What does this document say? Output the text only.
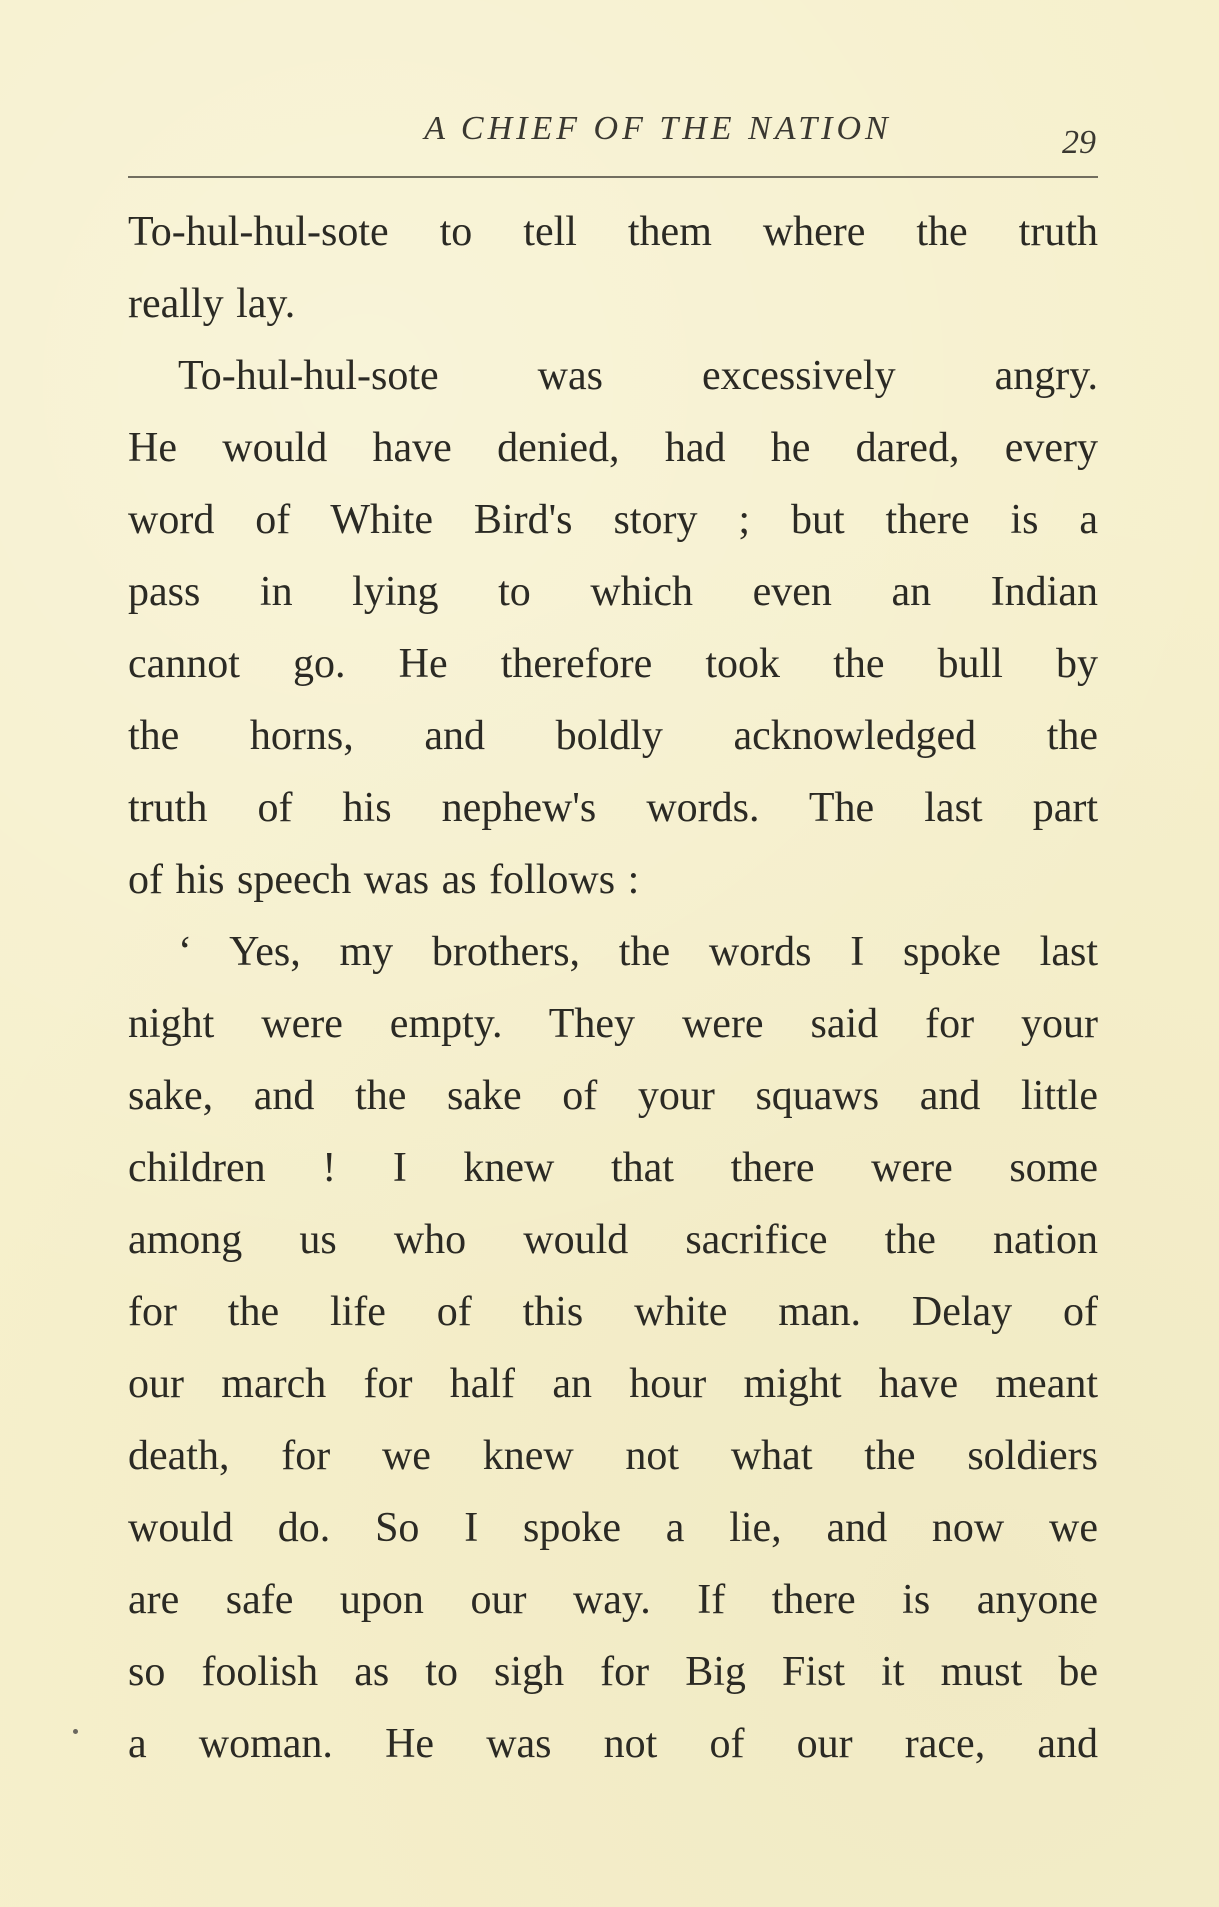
A CHIEF OF THE NATION	29
To-hul-hul-sote to tell them where the truth
really lay.
To-hul-hul-sote was excessively angry.
He would have denied, had he dared, every
word of White Bird's story ; but there is a
pass in lying to which even an Indian
cannot go. He therefore took the bull by
the horns, and boldly acknowledged the
truth of his nephew's words. The last part
of his speech was as follows :
‘ Yes, my brothers, the words I spoke last
night were empty. They were said for your
sake, and the sake of your squaws and little
children ! I knew that there were some
among us who would sacrifice the nation
for the life of this white man. Delay of
our march for half an hour might have meant
death, for we knew not what the soldiers
would do. So I spoke a lie, and now we
are safe upon our way. If there is anyone
so foolish as to sigh for Big Fist it must be
a woman. He was not of our race, and
